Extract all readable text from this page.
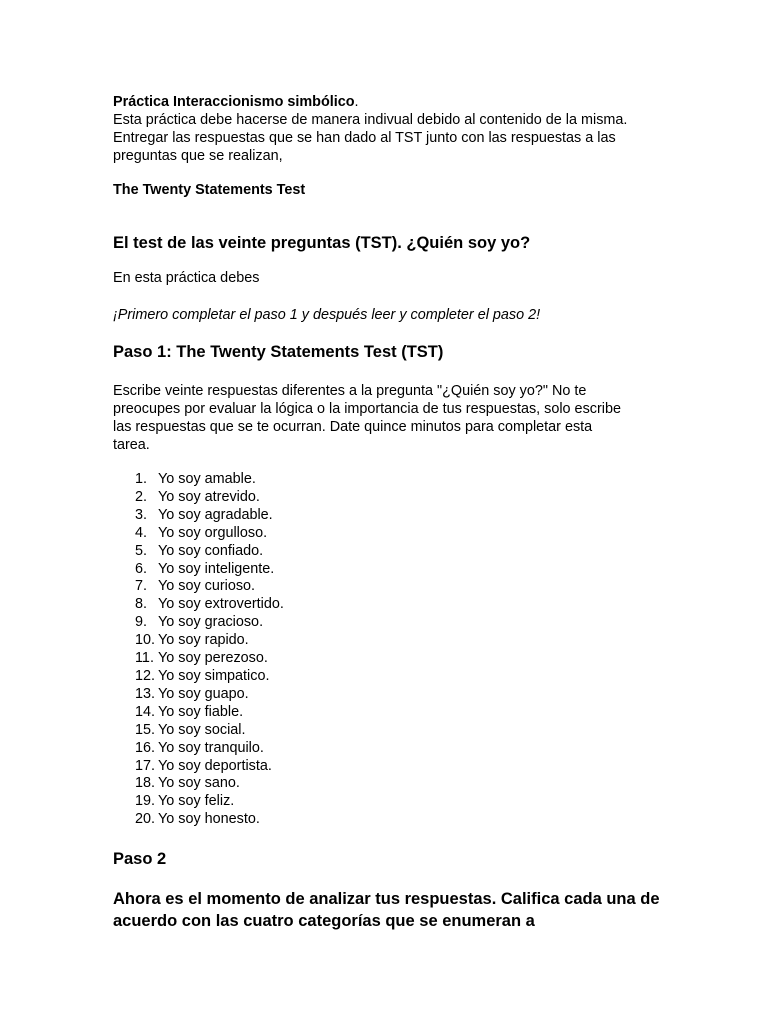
Práctica Interaccionismo simbólico.

Esta práctica debe hacerse de manera indivual debido al contenido de la misma.

Entregar las respuestas que se han dado al TST junto con las respuestas a las

preguntas que se realizan,

The Twenty Statements Test

El test de las veinte preguntas (TST). ¿Quién soy yo?

En esta práctica debes

¡Primero completar el paso 1 y después leer y completer el paso 2!

Paso 1: The Twenty Statements Test (TST)

Escribe veinte respuestas diferentes a la pregunta "¿Quién soy yo?" No te

preocupes por evaluar la lógica o la importancia de tus respuestas, solo escribe

las respuestas que se te ocurran. Date quince minutos para completar esta

tarea.

1. Yo soy amable.
2. Yo soy atrevido.
3. Yo soy agradable.
4. Yo soy orgulloso.
5. Yo soy confiado.
6. Yo soy inteligente.
7. Yo soy curioso.
8. Yo soy extrovertido.
9. Yo soy gracioso.
10. Yo soy rapido.
11. Yo soy perezoso.
12. Yo soy simpatico.
13. Yo soy guapo.
14. Yo soy fiable.
15. Yo soy social.
16. Yo soy tranquilo.
17. Yo soy deportista.
18. Yo soy sano.
19. Yo soy feliz.
20. Yo soy honesto.

Paso 2

Ahora es el momento de analizar tus respuestas. Califica cada una de acuerdo con las cuatro categorías que se enumeran a
